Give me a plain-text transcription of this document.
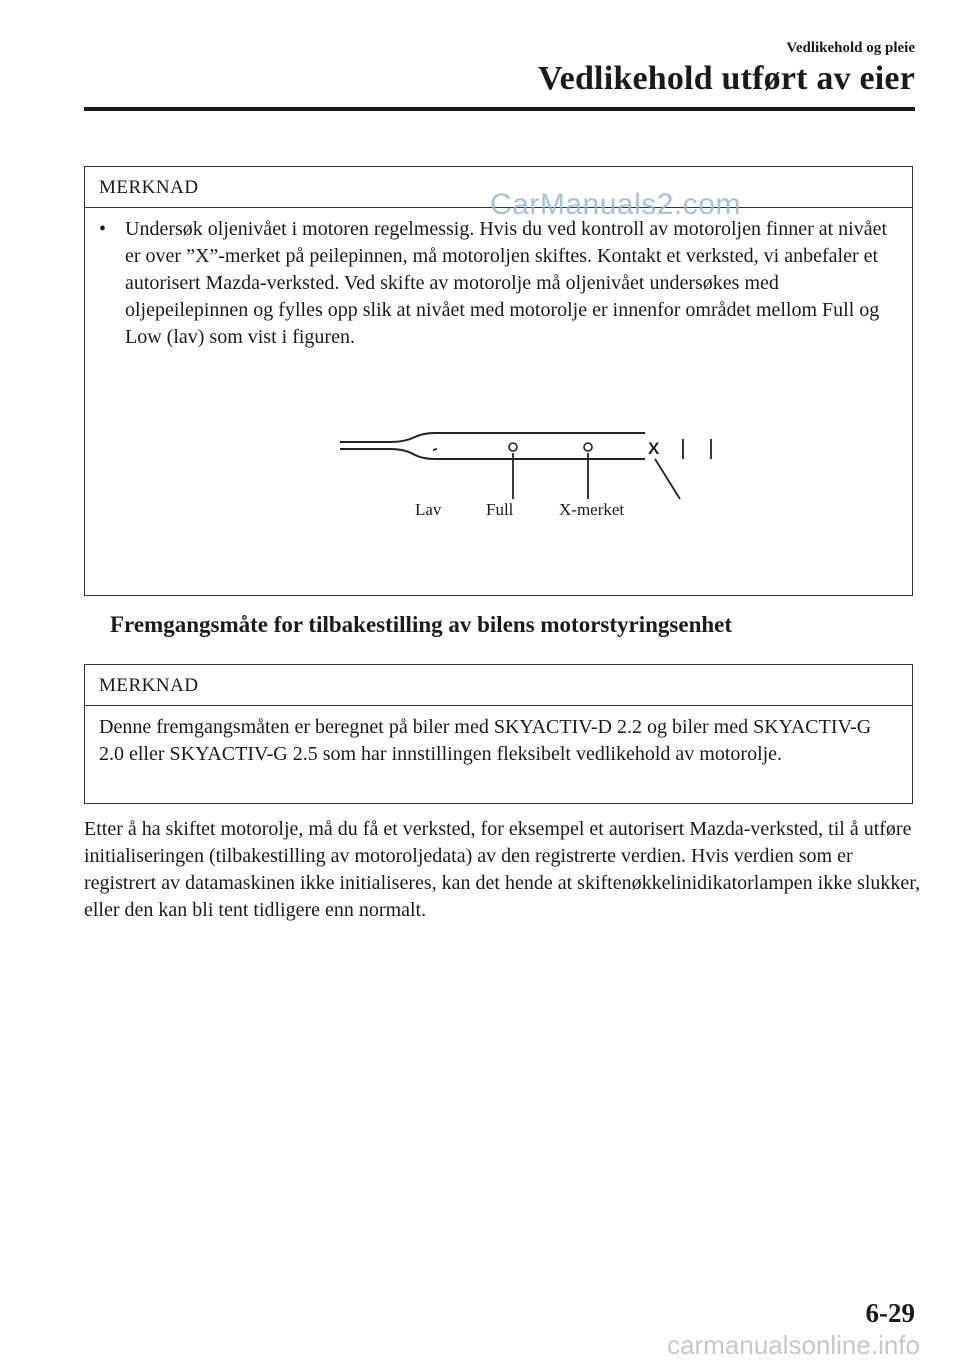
Vedlikehold og pleie
Vedlikehold utført av eier
MERKNAD
• Undersøk oljenivået i motoren regelmessig. Hvis du ved kontroll av motoroljen finner at nivået er over ”X”-merket på peilepinnen, må motoroljen skiftes. Kontakt et verksted, vi anbefaler et autorisert Mazda-verksted. Ved skifte av motorolje må oljenivået undersøkes med oljepeilepinnen og fylles opp slik at nivået med motorolje er innenfor området mellom Full og Low (lav) som vist i figuren.
X
Lav	Full	X-merket
Fremgangsmåte for tilbakestilling av bilens motorstyringsenhet
MERKNAD
Denne fremgangsmåten er beregnet på biler med SKYACTIV-D 2.2 og biler med SKYACTIV-G 2.0 eller SKYACTIV-G 2.5 som har innstillingen fleksibelt vedlikehold av motorolje.
Etter å ha skiftet motorolje, må du få et verksted, for eksempel et autorisert Mazda-verksted, til å utføre initialiseringen (tilbakestilling av motoroljedata) av den registrerte verdien. Hvis verdien som er registrert av datamaskinen ikke initialiseres, kan det hende at skiftenøkkelinidikatorlampen ikke slukker, eller den kan bli tent tidligere enn normalt.
6-29
CarManuals2.com
carmanualsonline.info
